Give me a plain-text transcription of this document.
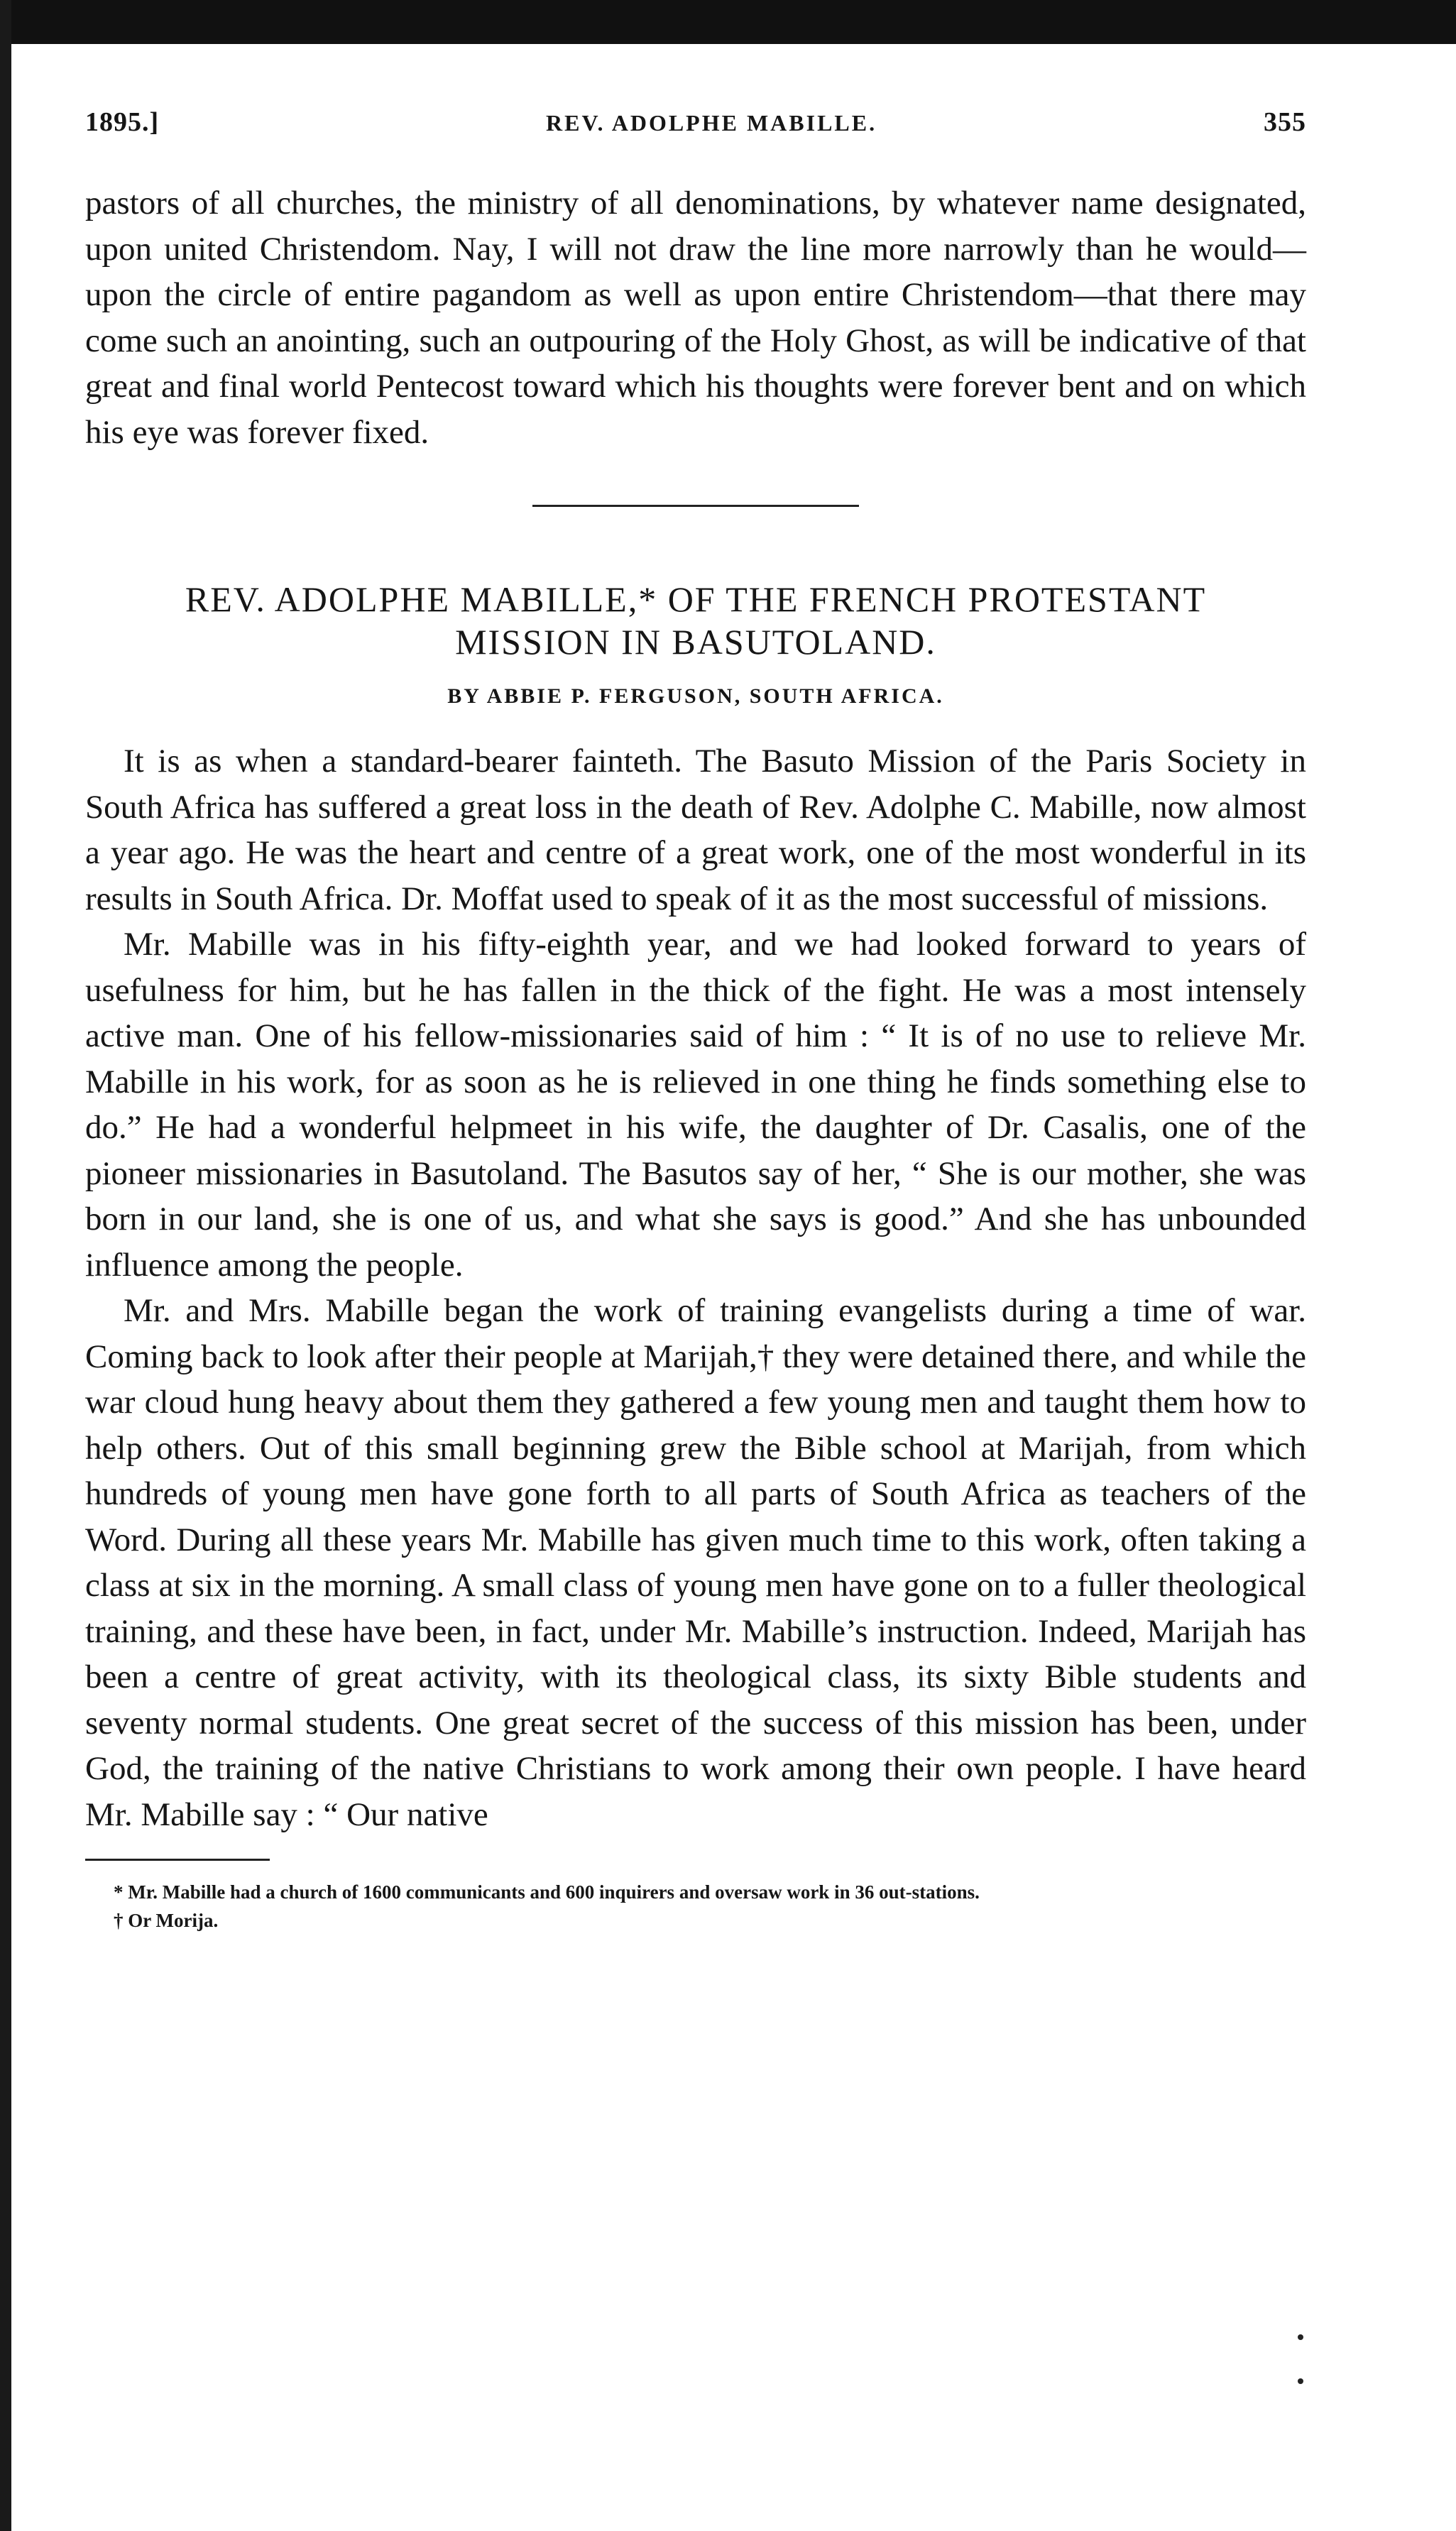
1895.]	REV. ADOLPHE MABILLE.	355

pastors of all churches, the ministry of all denominations, by whatever name designated, upon united Christendom. Nay, I will not draw the line more narrowly than he would—upon the circle of entire pagandom as well as upon entire Christendom—that there may come such an anointing, such an outpouring of the Holy Ghost, as will be indicative of that great and final world Pentecost toward which his thoughts were forever bent and on which his eye was forever fixed.

REV. ADOLPHE MABILLE,* OF THE FRENCH PROTESTANT
MISSION IN BASUTOLAND.
BY ABBIE P. FERGUSON, SOUTH AFRICA.

It is as when a standard-bearer fainteth. The Basuto Mission of the Paris Society in South Africa has suffered a great loss in the death of Rev. Adolphe C. Mabille, now almost a year ago. He was the heart and centre of a great work, one of the most wonderful in its results in South Africa. Dr. Moffat used to speak of it as the most successful of missions.

Mr. Mabille was in his fifty-eighth year, and we had looked forward to years of usefulness for him, but he has fallen in the thick of the fight. He was a most intensely active man. One of his fellow-missionaries said of him : “ It is of no use to relieve Mr. Mabille in his work, for as soon as he is relieved in one thing he finds something else to do.” He had a wonderful helpmeet in his wife, the daughter of Dr. Casalis, one of the pioneer missionaries in Basutoland. The Basutos say of her, “ She is our mother, she was born in our land, she is one of us, and what she says is good.” And she has unbounded influence among the people.

Mr. and Mrs. Mabille began the work of training evangelists during a time of war. Coming back to look after their people at Marijah,† they were detained there, and while the war cloud hung heavy about them they gathered a few young men and taught them how to help others. Out of this small beginning grew the Bible school at Marijah, from which hundreds of young men have gone forth to all parts of South Africa as teachers of the Word. During all these years Mr. Mabille has given much time to this work, often taking a class at six in the morning. A small class of young men have gone on to a fuller theological training, and these have been, in fact, under Mr. Mabille’s instruction. Indeed, Marijah has been a centre of great activity, with its theological class, its sixty Bible students and seventy normal students. One great secret of the success of this mission has been, under God, the training of the native Christians to work among their own people. I have heard Mr. Mabille say : “ Our native

* Mr. Mabille had a church of 1600 communicants and 600 inquirers and oversaw work in 36 out-stations.

† Or Morija.
